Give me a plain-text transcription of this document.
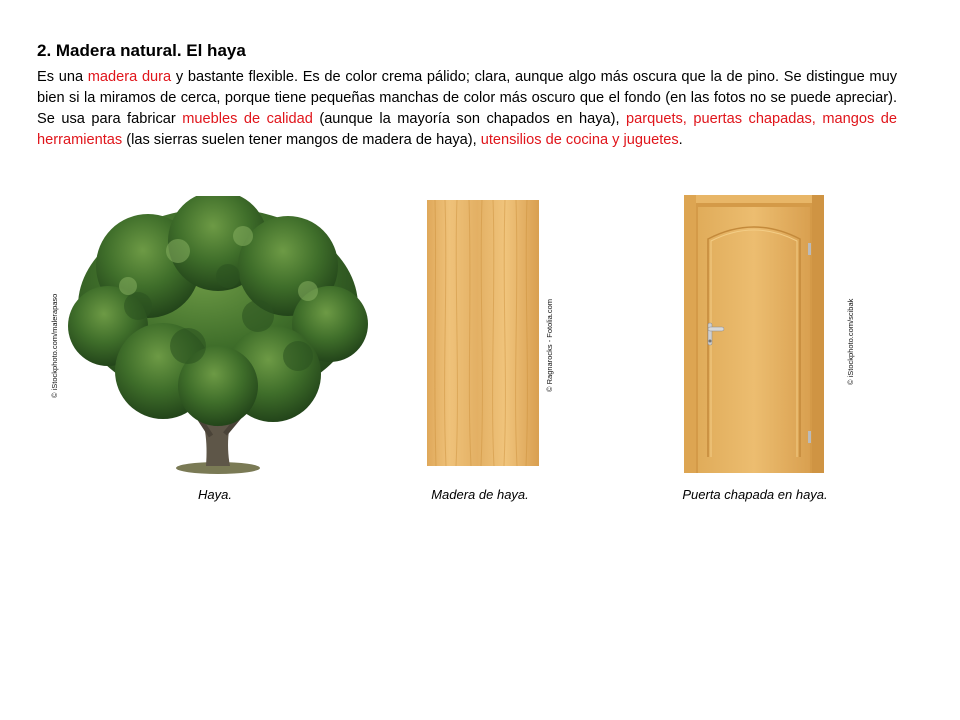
2. Madera natural. El haya

Es una madera dura y bastante flexible. Es de color crema pálido; clara, aunque algo más oscura que la de pino. Se distingue muy bien si la miramos de cerca, porque tiene pequeñas manchas de color más oscuro que el fondo (en las fotos no se puede apreciar). Se usa para fabricar muebles de calidad (aunque la mayoría son chapados en haya), parquets, puertas chapadas, mangos de herramientas (las sierras suelen tener mangos de madera de haya), utensilios de cocina y juguetes.

© iStockphoto.com/malerapaso
Haya.
© Ragnarocks - Fotolia.com
Madera de haya.
© iStockphoto.com/scibak
Puerta chapada en haya.
